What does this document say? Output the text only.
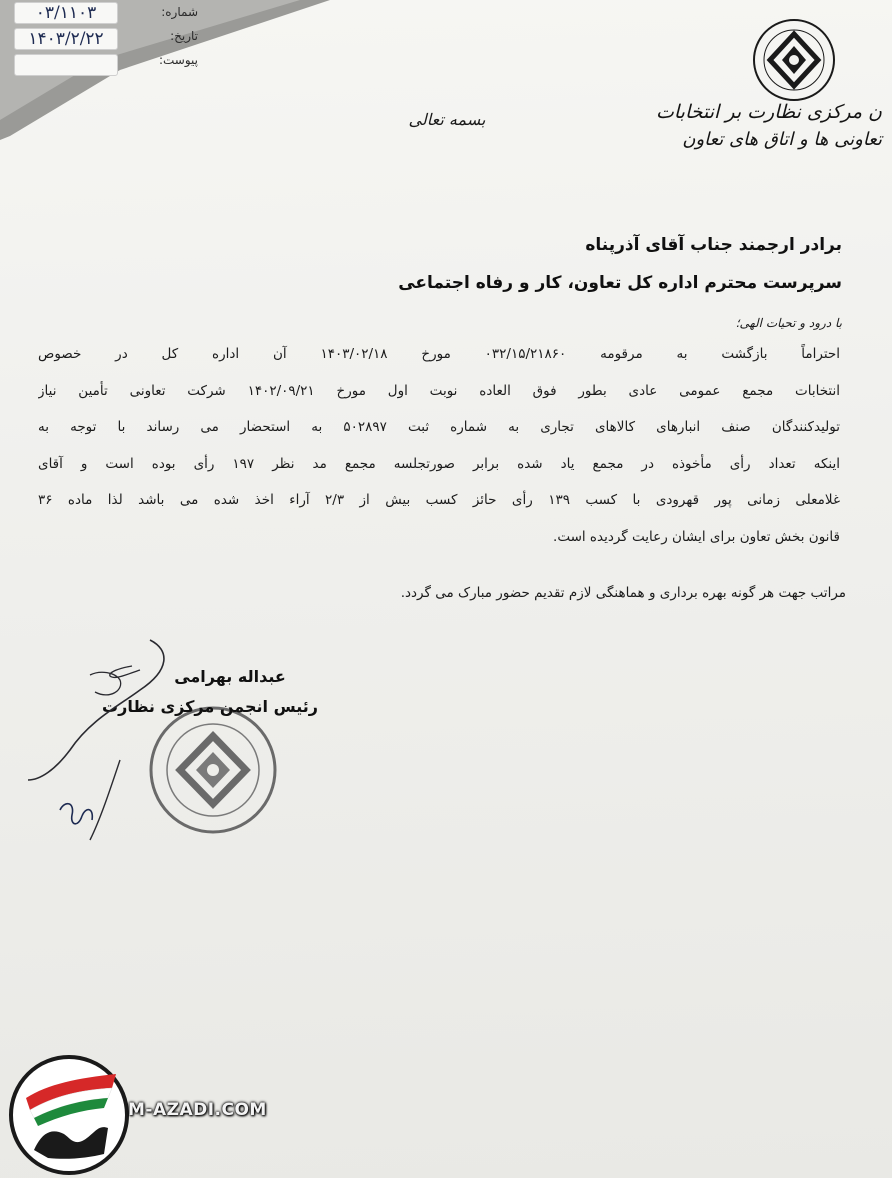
۰۳/۱۱۰۳
۱۴۰۳/۲/۲۲
شماره:
تاریخ:
پیوست:
ن مرکزی نظارت بر انتخابات
تعاونی ها و اتاق های تعاون
بسمه تعالی
برادر ارجمند جناب آقای آذرپناه
سرپرست محترم اداره کل تعاون، کار و رفاه اجتماعی
با درود و تحیات الهی؛
احتراماً بازگشت به مرقومه ۰۳۲/۱۵/۲۱۸۶۰ مورخ ۱۴۰۳/۰۲/۱۸ آن اداره کل در خصوص
انتخابات مجمع عمومی عادی بطور فوق العاده نوبت اول مورخ ۱۴۰۲/۰۹/۲۱ شرکت تعاونی تأمین نیاز
تولیدکنندگان صنف انبارهای کالاهای تجاری به شماره ثبت ۵۰۲۸۹۷ به استحضار می رساند با توجه به
اینکه تعداد رأی مأخوذه در مجمع یاد شده برابر صورتجلسه مجمع مد نظر ۱۹۷ رأی بوده است و آقای
غلامعلی زمانی پور قهرودی با کسب ۱۳۹ رأی حائز کسب بیش از ۲/۳ آراء اخذ شده می باشد لذا ماده ۳۶
قانون بخش تعاون برای ایشان رعایت گردیده است.
مراتب جهت هر گونه بهره برداری و هماهنگی لازم تقدیم حضور مبارک می گردد.
عبداله بهرامی
رئیس انجمن مرکزی نظارت
M-AZADI.COM
